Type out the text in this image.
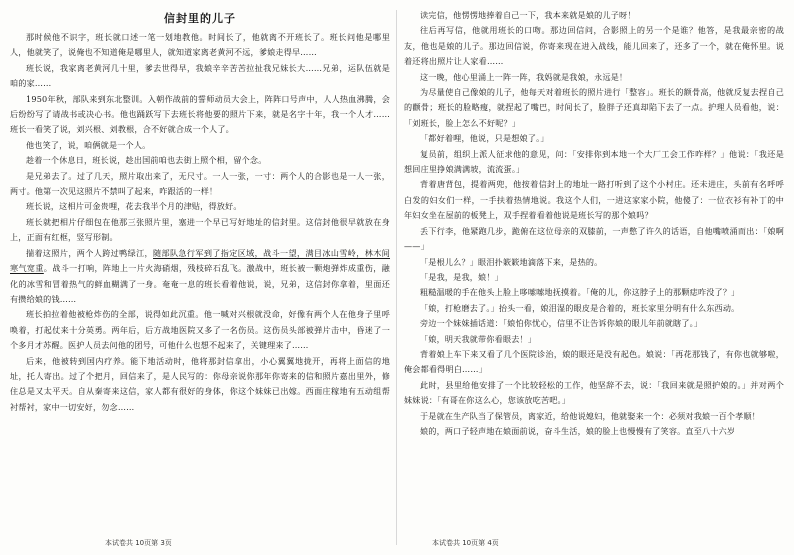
信封里的儿子

那时候他不识字，班长就口述一笔一划地教他。时间长了，他就离不开班长了。班长问他是哪里人，他就笑了，说俺也不知道俺是哪里人，就知道家离老黄河不远，爹娘走得早……

班长说，我家离老黄河几十里，爹去世得早，我娘辛辛苦苦拉扯我兄妹长大……兄弟，运队伍就是咱的家……

1950年秋，部队来到东北整训。入朝作战前的誓师动员大会上，阵阵口号声中，人人热血沸腾，会后纷纷写了请战书或决心书。他也踊跃写下去班长将他要的照片下来，就是名字十年，我一个人才……班长一看笑了说，刘兴根、刘教根，合不好就合成一个人了。

他也笑了，说，咱俩就是一个人。

趁着一个休息日，班长说，趁出国前咱也去街上照个相，留个念。

是兄弟去了。过了几天，照片取出来了，无尺寸。一人一张，一寸：两个人的合影也是一人一张，两寸。他第一次见这照片不禁叫了起来，咋跟活的一样！

班长说，这相片可金贵哩，花去我半个月的津贴，得放好。

班长就把相片仔细包在他那三张照片里，塞进一个早已写好地址的信封里。这信封他很早就放在身上，正面有红框，竖写形制。

揣着这照片，两个人跨过鸭绿江，随部队急行军到了指定区域，战斗一望，满目冰山雪岭，林木间寒气宽重。战斗一打响，阵地上一片火海硝烟，残枝碎石乱飞。激战中，班长被一颗炮弹炸成重伤，融化的冰雪和冒着热气的鲜血糊满了一身。奄奄一息的班长看着他说，说，兄弟，这信封你拿着，里面还有攒给娘的钱……

班长拍拉着他被枪炸伤的全部，说得如此沉重。他一喊对兴根就没命，好像有两个人在他身子里呼唤着，打起仗来十分英勇。两年后，后方战地医院又多了一名伤员。这伤员头部被弹片击中，昏迷了一个多月才苏醒。医护人员去问他的团号，可他什么也想不起来了，关键理来了……

后来，他被转到国内疗养。能下地活动时，他将那封信拿出，小心翼翼地拢开，再将上面信的地址，托人寄出。过了个把月，回信来了，是人民写的：你母亲说你那年你寄来的信和照片嘉出里外，修住总是又太平天。自从秦寄来这信，家人都有很好的身体，你这个妹妹已出嫁。西面庄稼地有五动组帮衬帮衬，家中一切安好，勿念……

本试卷共 10页第 3页

读完信，他愣愣地捧着自己一下，我本来就是娘的儿子呀！

往后再写信，他就用班长的口吻。那边回信问，合影照上的另一个是谁？他答，是我最亲密的战友，他也是娘的儿子。那边回信说，你寄来现在进入战线，能儿回来了，还多了一个，就在俺怀里。说着还将出照片让人家看……

这一晚，他心里涌上一阵一阵，我妈就是我娘，永远是！

为尽量使自己像娘的儿子，他每天对着班长的照片进行「整容」。班长的额骨高，他就反复去捏自己的颧骨；班长的脸略瘦，就捏起了嘴巴，时间长了，脸胖子还真却陷下去了一点。护理人员看他，说：「刘班长，脸上怎么不好呢？」

「都好着哩，他说，只是想娘了。」

复员前，组织上派人征求他的意见，问：「安排你到本地一个大厂工会工作咋样？」他说：「我还是想回庄里挣娘满满坡，流流蛋。」

背着唐背包，提着两兜，他按着信封上的地址一路打听到了这个小村庄。还未进庄，头前有名呼呼白发的妇女们一样，一手扶着热情地说。我这个人们，一进这家家小院，他傻了：一位衣衫有补丁的中年妇女坐在屋前的板凳上，双手捏着看着他说是班长写的那个娘吗？

丢下行李，他紧跑几步，跪俯在这位母亲的双膝前，一声憋了许久的话语，自他嘴喷涌而出：「娘啊——」

「是根儿么？」眼泪扑簌簌地滴落下来，是热的。

「是我，是我，娘！」

粗糙温暖的手在他头上脸上哆嗦嗦地抚摸着。「俺的儿，你这脖子上的那颗痣咋没了？」

「娘，打枪磨去了。」抬头一看，娘泪湿的眼皮是合着的，班长家里分明有什么东西动。

旁边一个妹妹插话道：「娘怕你忧心，信里不让告诉你娘的眼儿年前就瞎了。」

「娘，明天我就带你看眼去！」

背着娘上车下来又看了几个医院诊治，娘的眼还是没有起色。娘说：「再花那钱了，有你也就够啦，俺会都看得明白……」

此时，县里给他安排了一个比较轻松的工作，他坚辞不去，说：「我回来就是照护娘的。」并对两个妹妹说：「有哥在你这么心，您该放吃苦吧。」

于是就在生产队当了保管员，离家近，给他说媳妇，他就娶来一个：必须对我娘一百个孝顺！

娘的，两口子轻声地在娘面前说，奋斗生活，娘的脸上也慢慢有了笑容。直至八十六岁

本试卷共 10页第 4页
